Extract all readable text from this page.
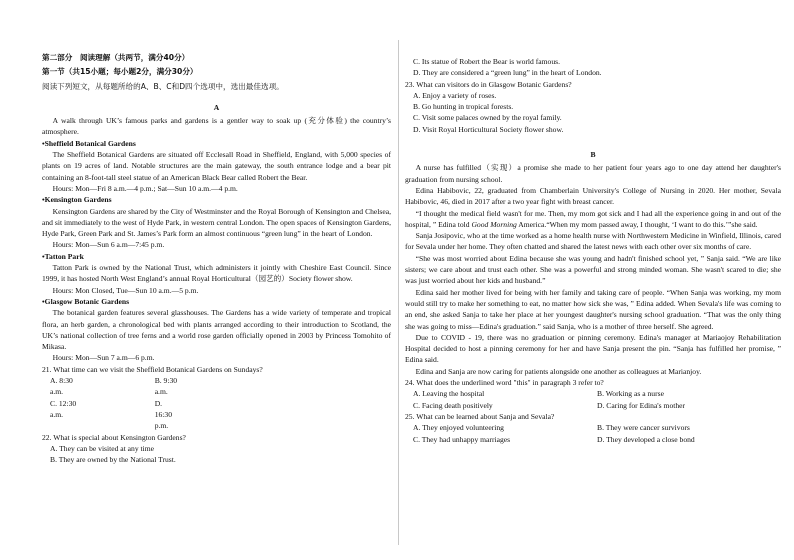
第二部分　阅读理解（共两节，满分40分）

第一节（共15小题；每小题2分，满分30分）

阅读下列短文，从每题所给的A、B、C和D四个选项中，选出最佳选项。

A

A walk through UK’s famous parks and gardens is a gentler way to soak up (充分体验) the country’s atmosphere.

•Sheffield Botanical Gardens

The Sheffield Botanical Gardens are situated off Ecclesall Road in Sheffield, England, with 5,000 species of plants on 19 acres of land. Notable structures are the main gateway, the south entrance lodge and a bear pit containing an 8-foot-tall steel statue of an American Black Bear called Robert the Bear.

Hours: Mon—Fri 8 a.m.—4 p.m.; Sat—Sun 10 a.m.—4 p.m.

•Kensington Gardens

Kensington Gardens are shared by the City of Westminster and the Royal Borough of Kensington and Chelsea, and sit immediately to the west of Hyde Park, in western central London. The open spaces of Kensington Gardens, Hyde Park, Green Park and St. James’s Park form an almost continuous “green lung” in the heart of London.

Hours: Mon—Sun 6 a.m—7:45 p.m.

•Tatton Park

Tatton Park is owned by the National Trust, which administers it jointly with Cheshire East Council. Since 1999, it has hosted North West England’s annual Royal Horticultural（园艺的）Society flower show.

Hours: Mon Closed, Tue—Sun 10 a.m.—5 p.m.

•Glasgow Botanic Gardens

The botanical garden features several glasshouses. The Gardens has a wide variety of temperate and tropical flora, an herb garden, a chronological bed with plants arranged according to their introduction to Scotland, the UK’s national collection of tree ferns and a world rose garden officially opened in 2003 by Princess Tomohito of Mikasa.

Hours: Mon—Sun 7 a.m—6 p.m.

21. What time can we visit the Sheffield Botanical Gardens on Sundays?

A. 8:30 a.m.
B. 9:30 a.m.
C. 12:30 a.m.
D. 16:30 p.m.

22. What is special about Kensington Gardens?

A. They can be visited at any time

B. They are owned by the National Trust.

C. Its statue of Robert the Bear is world famous.

D. They are considered a “green lung” in the heart of London.

23. What can visitors do in Glasgow Botanic Gardens?

A. Enjoy a variety of roses.

B. Go hunting in tropical forests.

C. Visit some palaces owned by the royal family.

D. Visit Royal Horticultural Society flower show.

B

A nurse has fulfilled（实现）a promise she made to her patient four years ago to one day attend her daughter's graduation from nursing school.

Edina Habibovic, 22, graduated from Chamberlain University's College of Nursing in 2020. Her mother, Sevala Habibovic, 46, died in 2017 after a two year fight with breast cancer.

“I thought the medical field wasn't for me. Then, my mom got sick and I had all the experience going in and out of the hospital, ” Edina told Good Morning America.“When my mom passed away, I thought, ‘I want to do this.’”she said.

Sanja Josipovic, who at the time worked as a home health nurse with Northwestern Medicine in Winfield, Illinois, cared for Sevala under her home. They often chatted and shared the latest news with each other over six months of care.

“She was most worried about Edina because she was young and hadn't finished school yet, ” Sanja said. “We are like sisters; we care about and trust each other. She was a powerful and strong minded woman. She wasn't scared to die; she was just worried about her kids and husband.”

Edina said her mother lived for being with her family and taking care of people. “When Sanja was working, my mom would still try to make her something to eat, no matter how sick she was, ” Edina added. When Sevala's life was coming to an end, she asked Sanja to take her place at her youngest daughter's nursing school graduation. “That was the only thing she was going to miss—Edina's graduation.” said Sanja, who is a mother of three herself. She agreed.

Due to COVID - 19, there was no graduation or pinning ceremony. Edina's manager at Mariaojoy Rehabilitation Hospital decided to host a pinning ceremony for her and have Sanja present the pin. “Sanja has fulfilled her promise, ” Edina said.

Edina and Sanja are now caring for patients alongside one another as colleagues at Marianjoy.

24. What does the underlined word "this" in paragraph 3 refer to?

A. Leaving the hospital	B. Working as a nurse
C. Facing death positively	D. Caring for Edina's mother

25. What can be learned about Sanja and Sevala?

A. They enjoyed volunteering	B. They were cancer survivors
C. They had unhappy marriages	D. They developed a close bond
